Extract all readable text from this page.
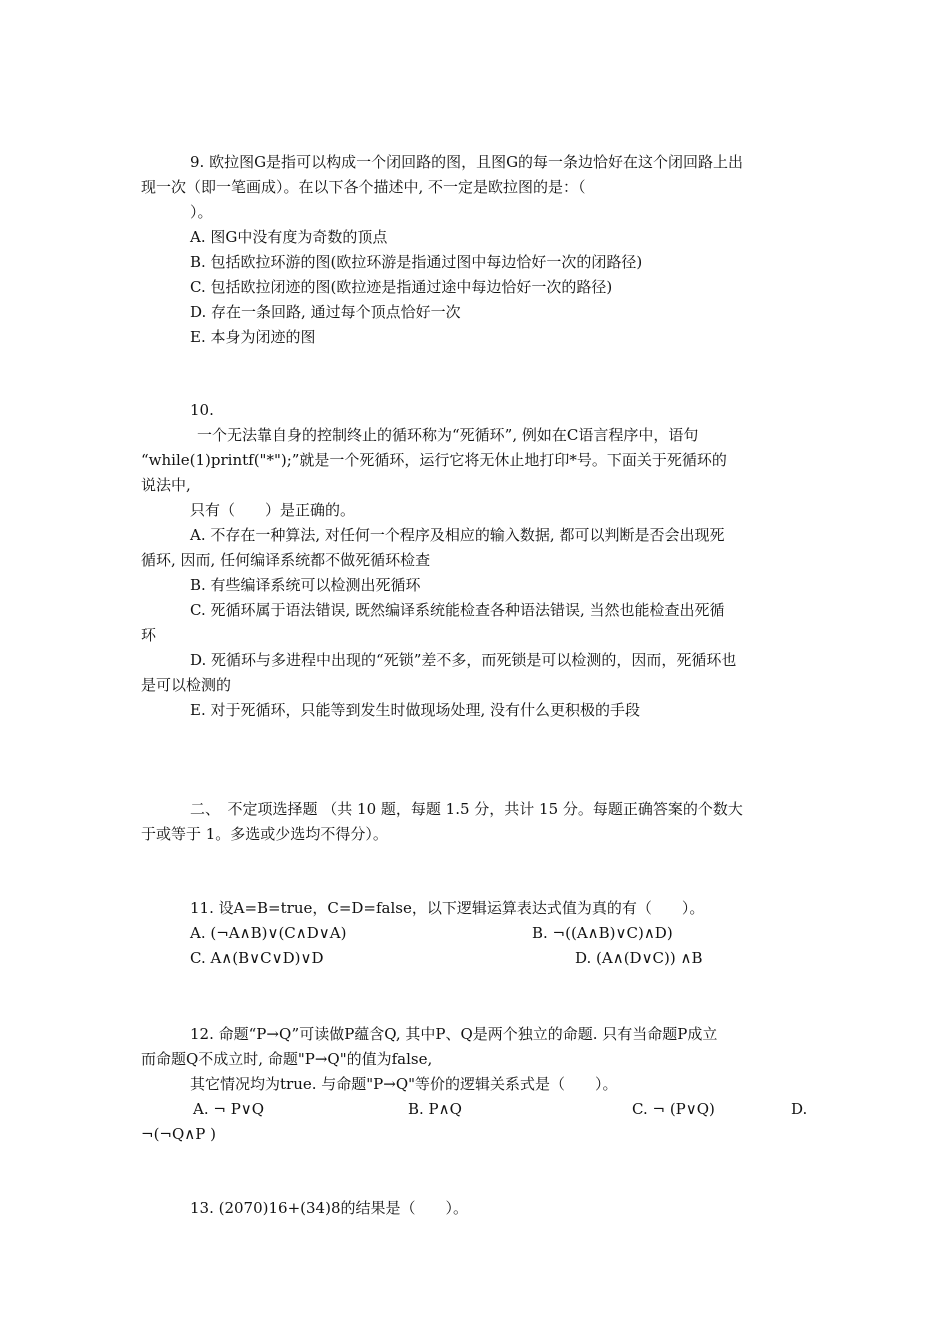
9. 欧拉图G是指可以构成一个闭回路的图，且图G的每一条边恰好在这个闭回路上出
现一次（即一笔画成）。在以下各个描述中, 不一定是欧拉图的是：（
）。
A. 图G中没有度为奇数的顶点
B. 包括欧拉环游的图(欧拉环游是指通过图中每边恰好一次的闭路径)
C. 包括欧拉闭迹的图(欧拉迹是指通过途中每边恰好一次的路径)
D. 存在一条回路, 通过每个顶点恰好一次
E. 本身为闭迹的图
10.
一个无法靠自身的控制终止的循环称为“死循环”, 例如在C语言程序中，语句
“while(1)printf("*");”就是一个死循环，运行它将无休止地打印*号。下面关于死循环的
说法中,
只有（　　）是正确的。
A. 不存在一种算法, 对任何一个程序及相应的输入数据, 都可以判断是否会出现死
循环, 因而, 任何编译系统都不做死循环检查
B. 有些编译系统可以检测出死循环
C. 死循环属于语法错误, 既然编译系统能检查各种语法错误, 当然也能检查出死循
环
D. 死循环与多进程中出现的“死锁”差不多，而死锁是可以检测的，因而，死循环也
是可以检测的
E. 对于死循环，只能等到发生时做现场处理, 没有什么更积极的手段
二、　不定项选择题 （共 10 题，每题 1.5 分，共计 15 分。每题正确答案的个数大
于或等于 1。多选或少选均不得分）。
11. 设A=B=true，C=D=false，以下逻辑运算表达式值为真的有（　　）。
A. (¬A∧B)∨(C∧D∨A)	B. ¬((A∧B)∨C)∧D)
C. A∧(B∨C∨D)∨D	D. (A∧(D∨C)) ∧B
12. 命题“P→Q”可读做P蕴含Q, 其中P、Q是两个独立的命题. 只有当命题P成立
而命题Q不成立时, 命题"P→Q"的值为false,
其它情况均为true. 与命题"P→Q"等价的逻辑关系式是（　　）。
A. ¬ P∨Q	B. P∧Q	C. ¬ (P∨Q)	D.
¬(¬Q∧P )
13. (2070)16+(34)8的结果是（　　）。
